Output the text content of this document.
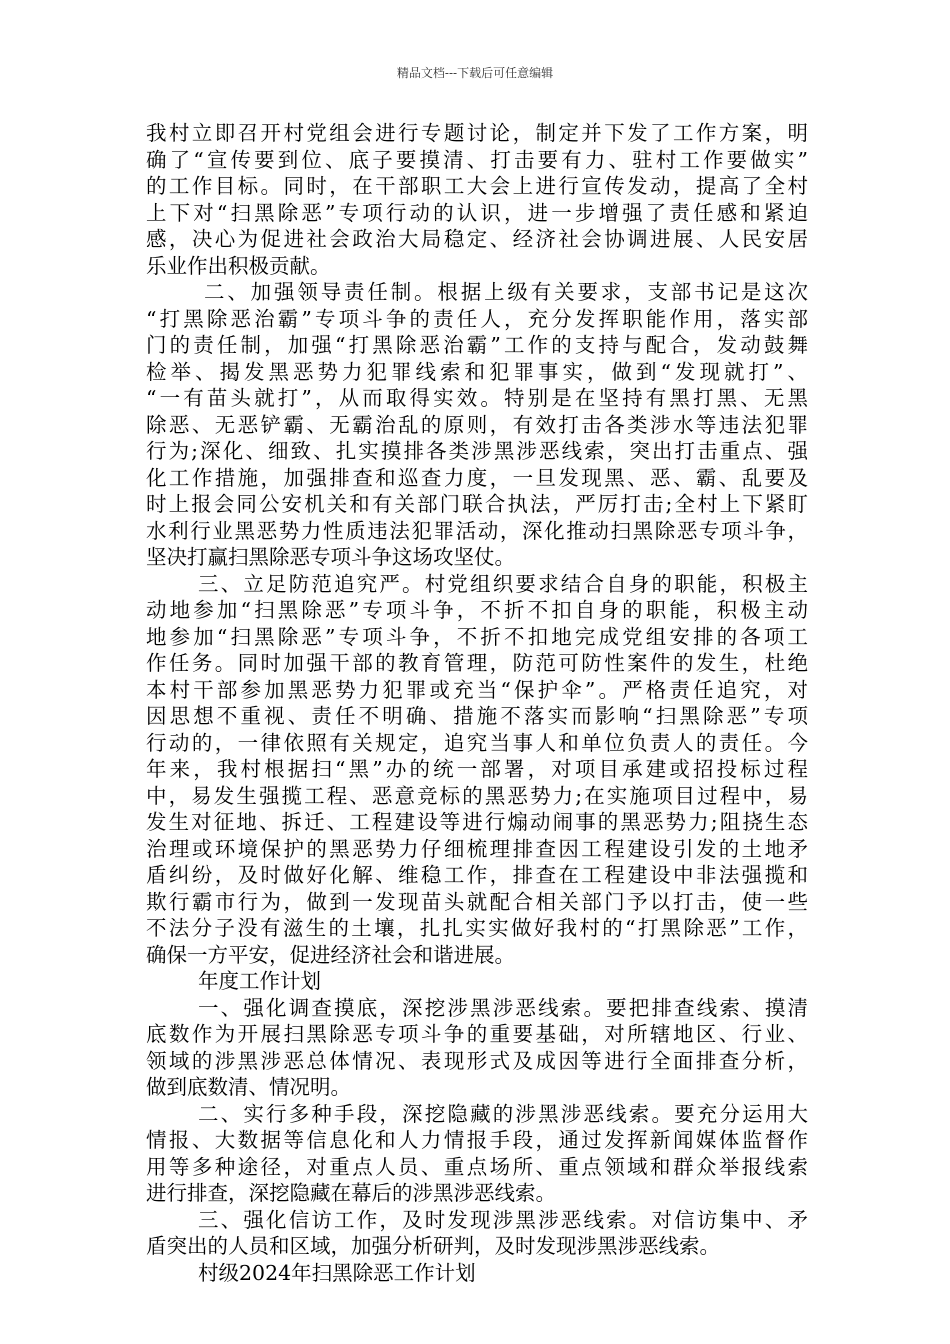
精品文档---下载后可任意编辑
我村立即召开村党组会进行专题讨论，制定并下发了工作方案，明
确了“宣传要到位、底子要摸清、打击要有力、驻村工作要做实”
的工作目标。同时，在干部职工大会上进行宣传发动，提高了全村
上下对“扫黑除恶”专项行动的认识，进一步增强了责任感和紧迫
感，决心为促进社会政治大局稳定、经济社会协调进展、人民安居
乐业作出积极贡献。
二、加强领导责任制。根据上级有关要求，支部书记是这次
“打黑除恶治霸”专项斗争的责任人，充分发挥职能作用，落实部
门的责任制，加强“打黑除恶治霸”工作的支持与配合，发动鼓舞
检举、揭发黑恶势力犯罪线索和犯罪事实，做到“发现就打”、
“一有苗头就打”，从而取得实效。特别是在坚持有黑打黑、无黑
除恶、无恶铲霸、无霸治乱的原则，有效打击各类涉水等违法犯罪
行为;深化、细致、扎实摸排各类涉黑涉恶线索，突出打击重点、强
化工作措施，加强排查和巡查力度，一旦发现黑、恶、霸、乱要及
时上报会同公安机关和有关部门联合执法，严厉打击;全村上下紧盯
水利行业黑恶势力性质违法犯罪活动，深化推动扫黑除恶专项斗争，
坚决打赢扫黑除恶专项斗争这场攻坚仗。
三、立足防范追究严。村党组织要求结合自身的职能，积极主
动地参加“扫黑除恶”专项斗争，不折不扣自身的职能，积极主动
地参加“扫黑除恶”专项斗争，不折不扣地完成党组安排的各项工
作任务。同时加强干部的教育管理，防范可防性案件的发生，杜绝
本村干部参加黑恶势力犯罪或充当“保护伞”。严格责任追究，对
因思想不重视、责任不明确、措施不落实而影响“扫黑除恶”专项
行动的，一律依照有关规定，追究当事人和单位负责人的责任。今
年来，我村根据扫“黑”办的统一部署，对项目承建或招投标过程
中，易发生强揽工程、恶意竞标的黑恶势力;在实施项目过程中，易
发生对征地、拆迁、工程建设等进行煽动闹事的黑恶势力;阻挠生态
治理或环境保护的黑恶势力仔细梳理排查因工程建设引发的土地矛
盾纠纷，及时做好化解、维稳工作，排查在工程建设中非法强揽和
欺行霸市行为，做到一发现苗头就配合相关部门予以打击，使一些
不法分子没有滋生的土壤，扎扎实实做好我村的“打黑除恶”工作，
确保一方平安，促进经济社会和谐进展。
年度工作计划
一、强化调查摸底，深挖涉黑涉恶线索。要把排查线索、摸清
底数作为开展扫黑除恶专项斗争的重要基础，对所辖地区、行业、
领域的涉黑涉恶总体情况、表现形式及成因等进行全面排查分析，
做到底数清、情况明。
二、实行多种手段，深挖隐藏的涉黑涉恶线索。要充分运用大
情报、大数据等信息化和人力情报手段，通过发挥新闻媒体监督作
用等多种途径，对重点人员、重点场所、重点领域和群众举报线索
进行排查，深挖隐藏在幕后的涉黑涉恶线索。
三、强化信访工作，及时发现涉黑涉恶线索。对信访集中、矛
盾突出的人员和区域，加强分析研判，及时发现涉黑涉恶线索。
村级2024年扫黑除恶工作计划
